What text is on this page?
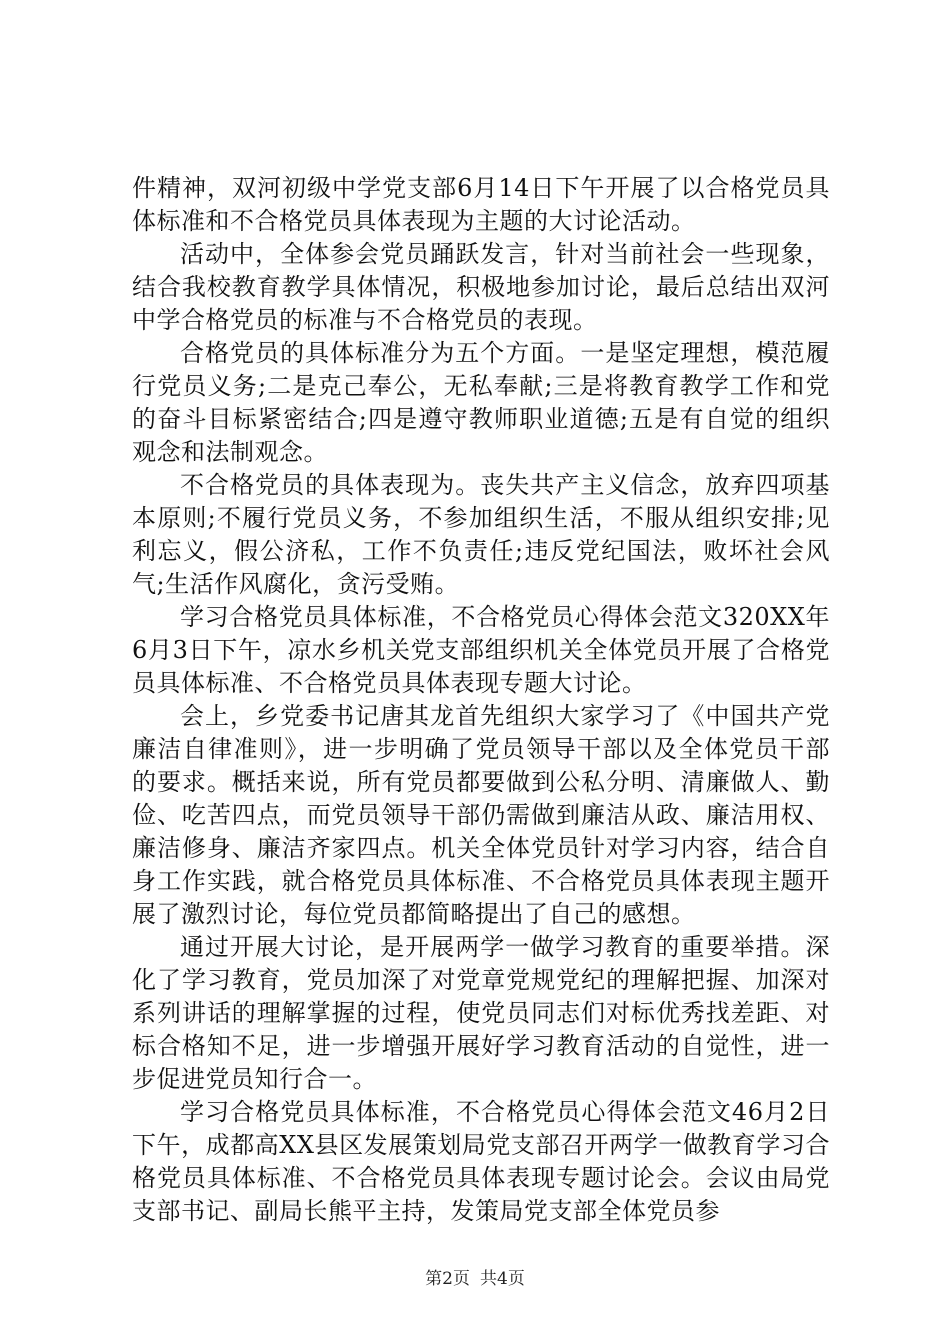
件精神，双河初级中学党支部6月14日下午开展了以合格党员具体标准和不合格党员具体表现为主题的大讨论活动。

活动中，全体参会党员踊跃发言，针对当前社会一些现象，结合我校教育教学具体情况，积极地参加讨论，最后总结出双河中学合格党员的标准与不合格党员的表现。

合格党员的具体标准分为五个方面。一是坚定理想，模范履行党员义务;二是克己奉公，无私奉献;三是将教育教学工作和党的奋斗目标紧密结合;四是遵守教师职业道德;五是有自觉的组织观念和法制观念。

不合格党员的具体表现为。丧失共产主义信念，放弃四项基本原则;不履行党员义务，不参加组织生活，不服从组织安排;见利忘义，假公济私，工作不负责任;违反党纪国法，败坏社会风气;生活作风腐化，贪污受贿。

学习合格党员具体标准，不合格党员心得体会范文320XX年6月3日下午，凉水乡机关党支部组织机关全体党员开展了合格党员具体标准、不合格党员具体表现专题大讨论。

会上，乡党委书记唐其龙首先组织大家学习了《中国共产党廉洁自律准则》，进一步明确了党员领导干部以及全体党员干部的要求。概括来说，所有党员都要做到公私分明、清廉做人、勤俭、吃苦四点，而党员领导干部仍需做到廉洁从政、廉洁用权、廉洁修身、廉洁齐家四点。机关全体党员针对学习内容，结合自身工作实践，就合格党员具体标准、不合格党员具体表现主题开展了激烈讨论，每位党员都简略提出了自己的感想。

通过开展大讨论，是开展两学一做学习教育的重要举措。深化了学习教育，党员加深了对党章党规党纪的理解把握、加深对系列讲话的理解掌握的过程，使党员同志们对标优秀找差距、对标合格知不足，进一步增强开展好学习教育活动的自觉性，进一步促进党员知行合一。

学习合格党员具体标准，不合格党员心得体会范文46月2日下午，成都高XX县区发展策划局党支部召开两学一做教育学习合格党员具体标准、不合格党员具体表现专题讨论会。会议由局党支部书记、副局长熊平主持，发策局党支部全体党员参

第2页 共4页
